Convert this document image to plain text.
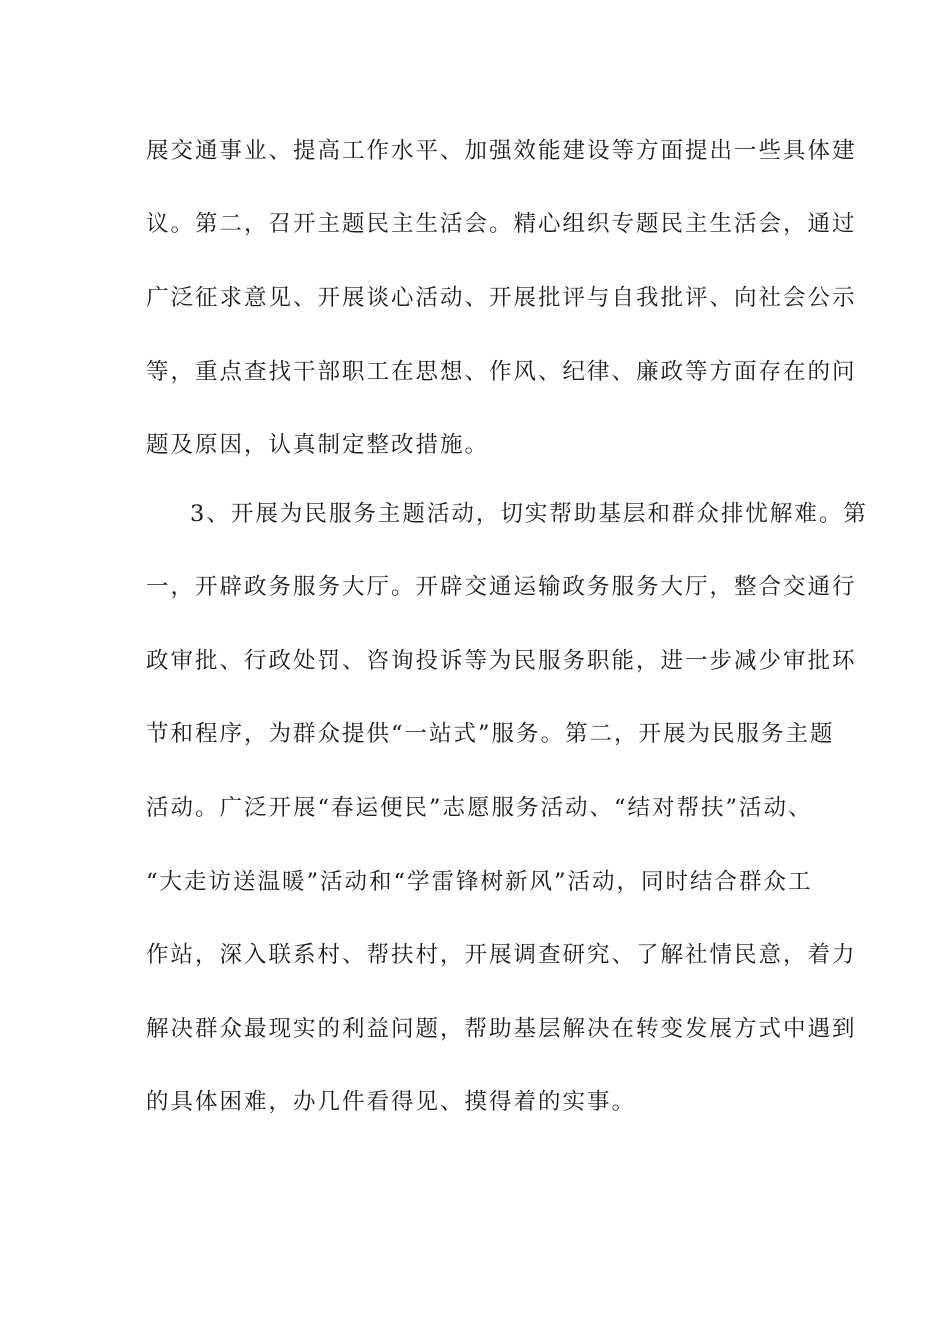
展交通事业、提高工作水平、加强效能建设等方面提出一些具体建
议。第二，召开主题民主生活会。精心组织专题民主生活会，通过
广泛征求意见、开展谈心活动、开展批评与自我批评、向社会公示
等，重点查找干部职工在思想、作风、纪律、廉政等方面存在的问
题及原因，认真制定整改措施。
3、开展为民服务主题活动，切实帮助基层和群众排忧解难。第
一，开辟政务服务大厅。开辟交通运输政务服务大厅，整合交通行
政审批、行政处罚、咨询投诉等为民服务职能，进一步减少审批环
节和程序，为群众提供“一站式”服务。第二，开展为民服务主题
活动。广泛开展“春运便民”志愿服务活动、“结对帮扶”活动、
“大走访送温暖”活动和“学雷锋树新风”活动，同时结合群众工
作站，深入联系村、帮扶村，开展调查研究、了解社情民意，着力
解决群众最现实的利益问题，帮助基层解决在转变发展方式中遇到
的具体困难，办几件看得见、摸得着的实事。
